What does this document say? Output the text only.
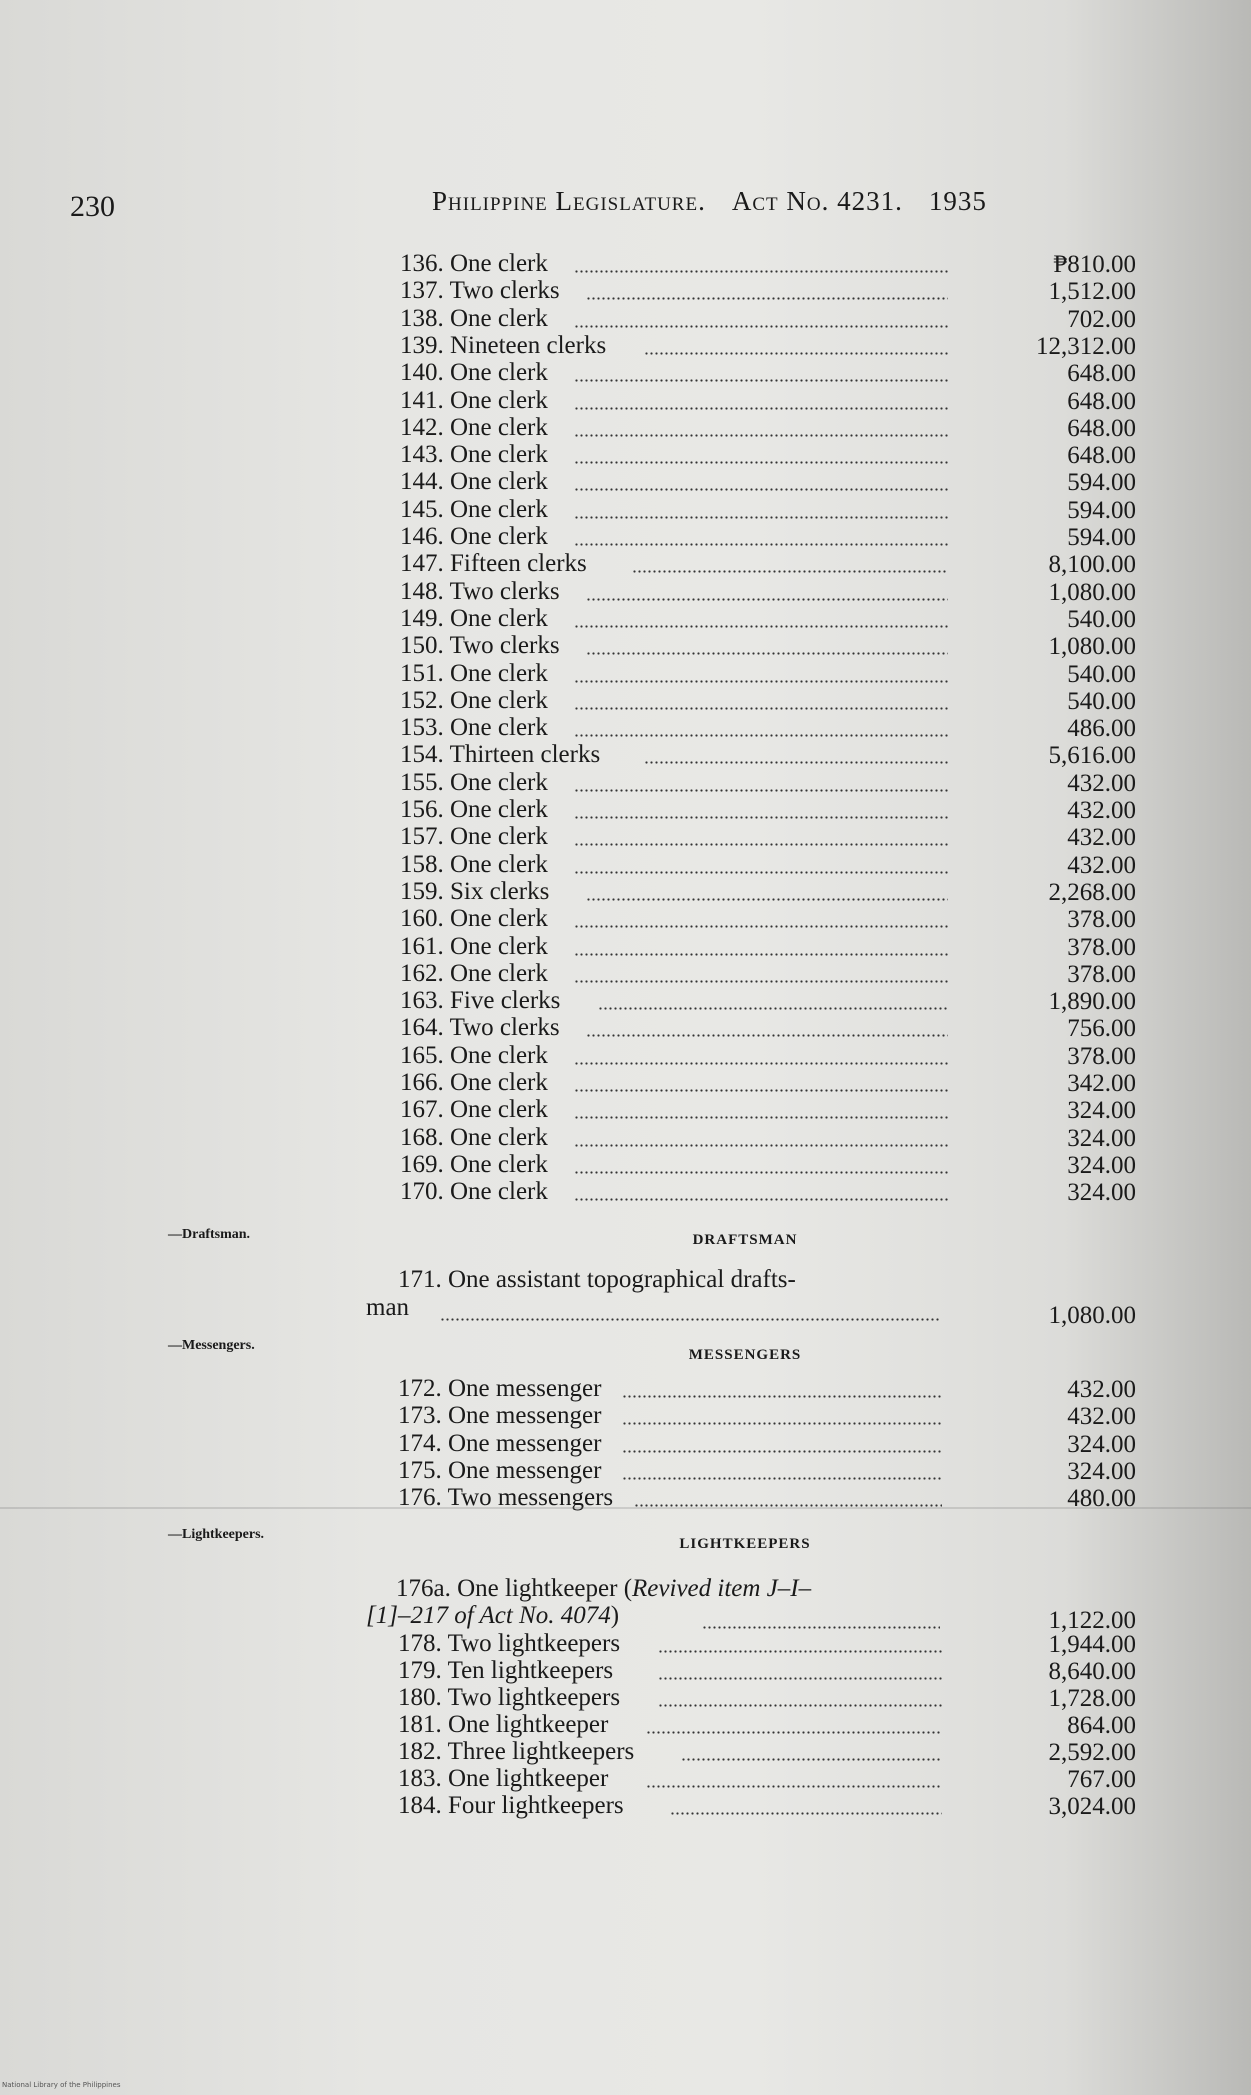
230	Philippine Legislature. Act No. 4231. 1935
136. One clerk	₱810.00
137. Two clerks	1,512.00
138. One clerk	702.00
139. Nineteen clerks	12,312.00
140. One clerk	648.00
141. One clerk	648.00
142. One clerk	648.00
143. One clerk	648.00
144. One clerk	594.00
145. One clerk	594.00
146. One clerk	594.00
147. Fifteen clerks	8,100.00
148. Two clerks	1,080.00
149. One clerk	540.00
150. Two clerks	1,080.00
151. One clerk	540.00
152. One clerk	540.00
153. One clerk	486.00
154. Thirteen clerks	5,616.00
155. One clerk	432.00
156. One clerk	432.00
157. One clerk	432.00
158. One clerk	432.00
159. Six clerks	2,268.00
160. One clerk	378.00
161. One clerk	378.00
162. One clerk	378.00
163. Five clerks	1,890.00
164. Two clerks	756.00
165. One clerk	378.00
166. One clerk	342.00
167. One clerk	324.00
168. One clerk	324.00
169. One clerk	324.00
170. One clerk	324.00
—Draftsman.	DRAFTSMAN
171. One assistant topographical drafts-
man	1,080.00
—Messengers.
MESSENGERS
172. One messenger	432.00
173. One messenger	432.00
174. One messenger	324.00
175. One messenger	324.00
176. Two messengers	480.00
—Lightkeepers.
LIGHTKEEPERS
176a. One lightkeeper (Revived item J–I–
[1]–217 of Act No. 4074)	1,122.00
178. Two lightkeepers	1,944.00
179. Ten lightkeepers	8,640.00
180. Two lightkeepers	1,728.00
181. One lightkeeper	864.00
182. Three lightkeepers	2,592.00
183. One lightkeeper	767.00
184. Four lightkeepers	3,024.00
National Library of the Philippines
